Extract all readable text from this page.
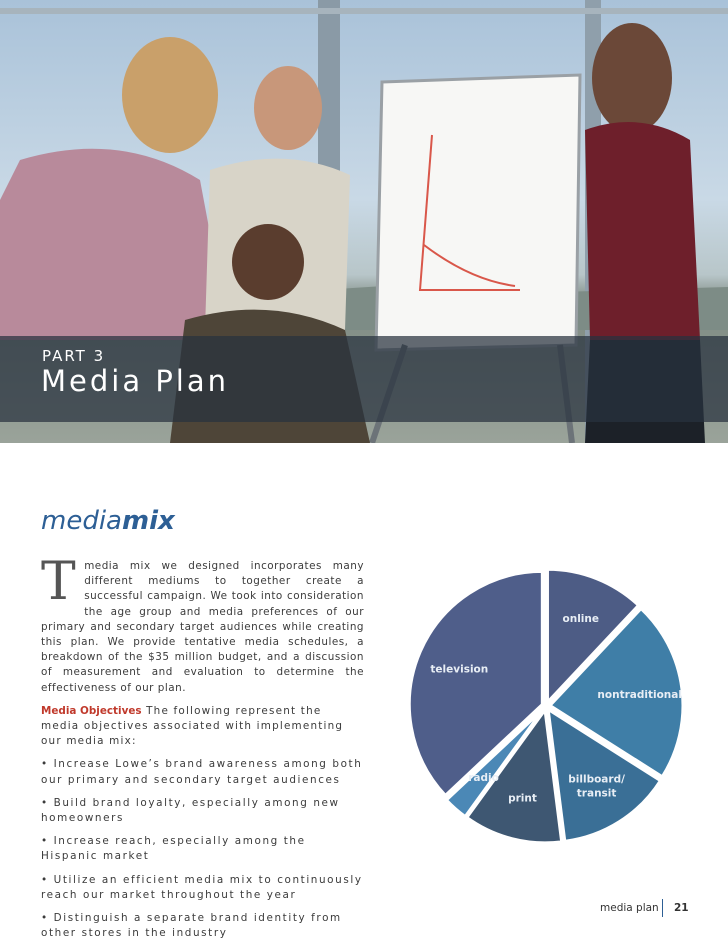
PART 3
Media Plan
mediamix

Tmedia mix we designed incorporates many different mediums to together create a successful campaign. We took into consideration the age group and media preferences of our primary and secondary target audiences while creating this plan. We provide tentative media schedules, a breakdown of the $35 million budget, and a discussion of measurement and evaluation to determine the effectiveness of our plan.

Media Objectives The following represent the media objectives associated with implementing our media mix:

• Increase Lowe’s brand awareness among both our primary and secondary target audiences

• Build brand loyalty, especially among new homeowners

• Increase reach, especially among the Hispanic market

• Utilize an efficient media mix to continuously reach our market throughout the year

• Distinguish a separate brand identity from other stores in the industry

online
nontraditional
billboard/ transit
print
radio
television
media plan 21
